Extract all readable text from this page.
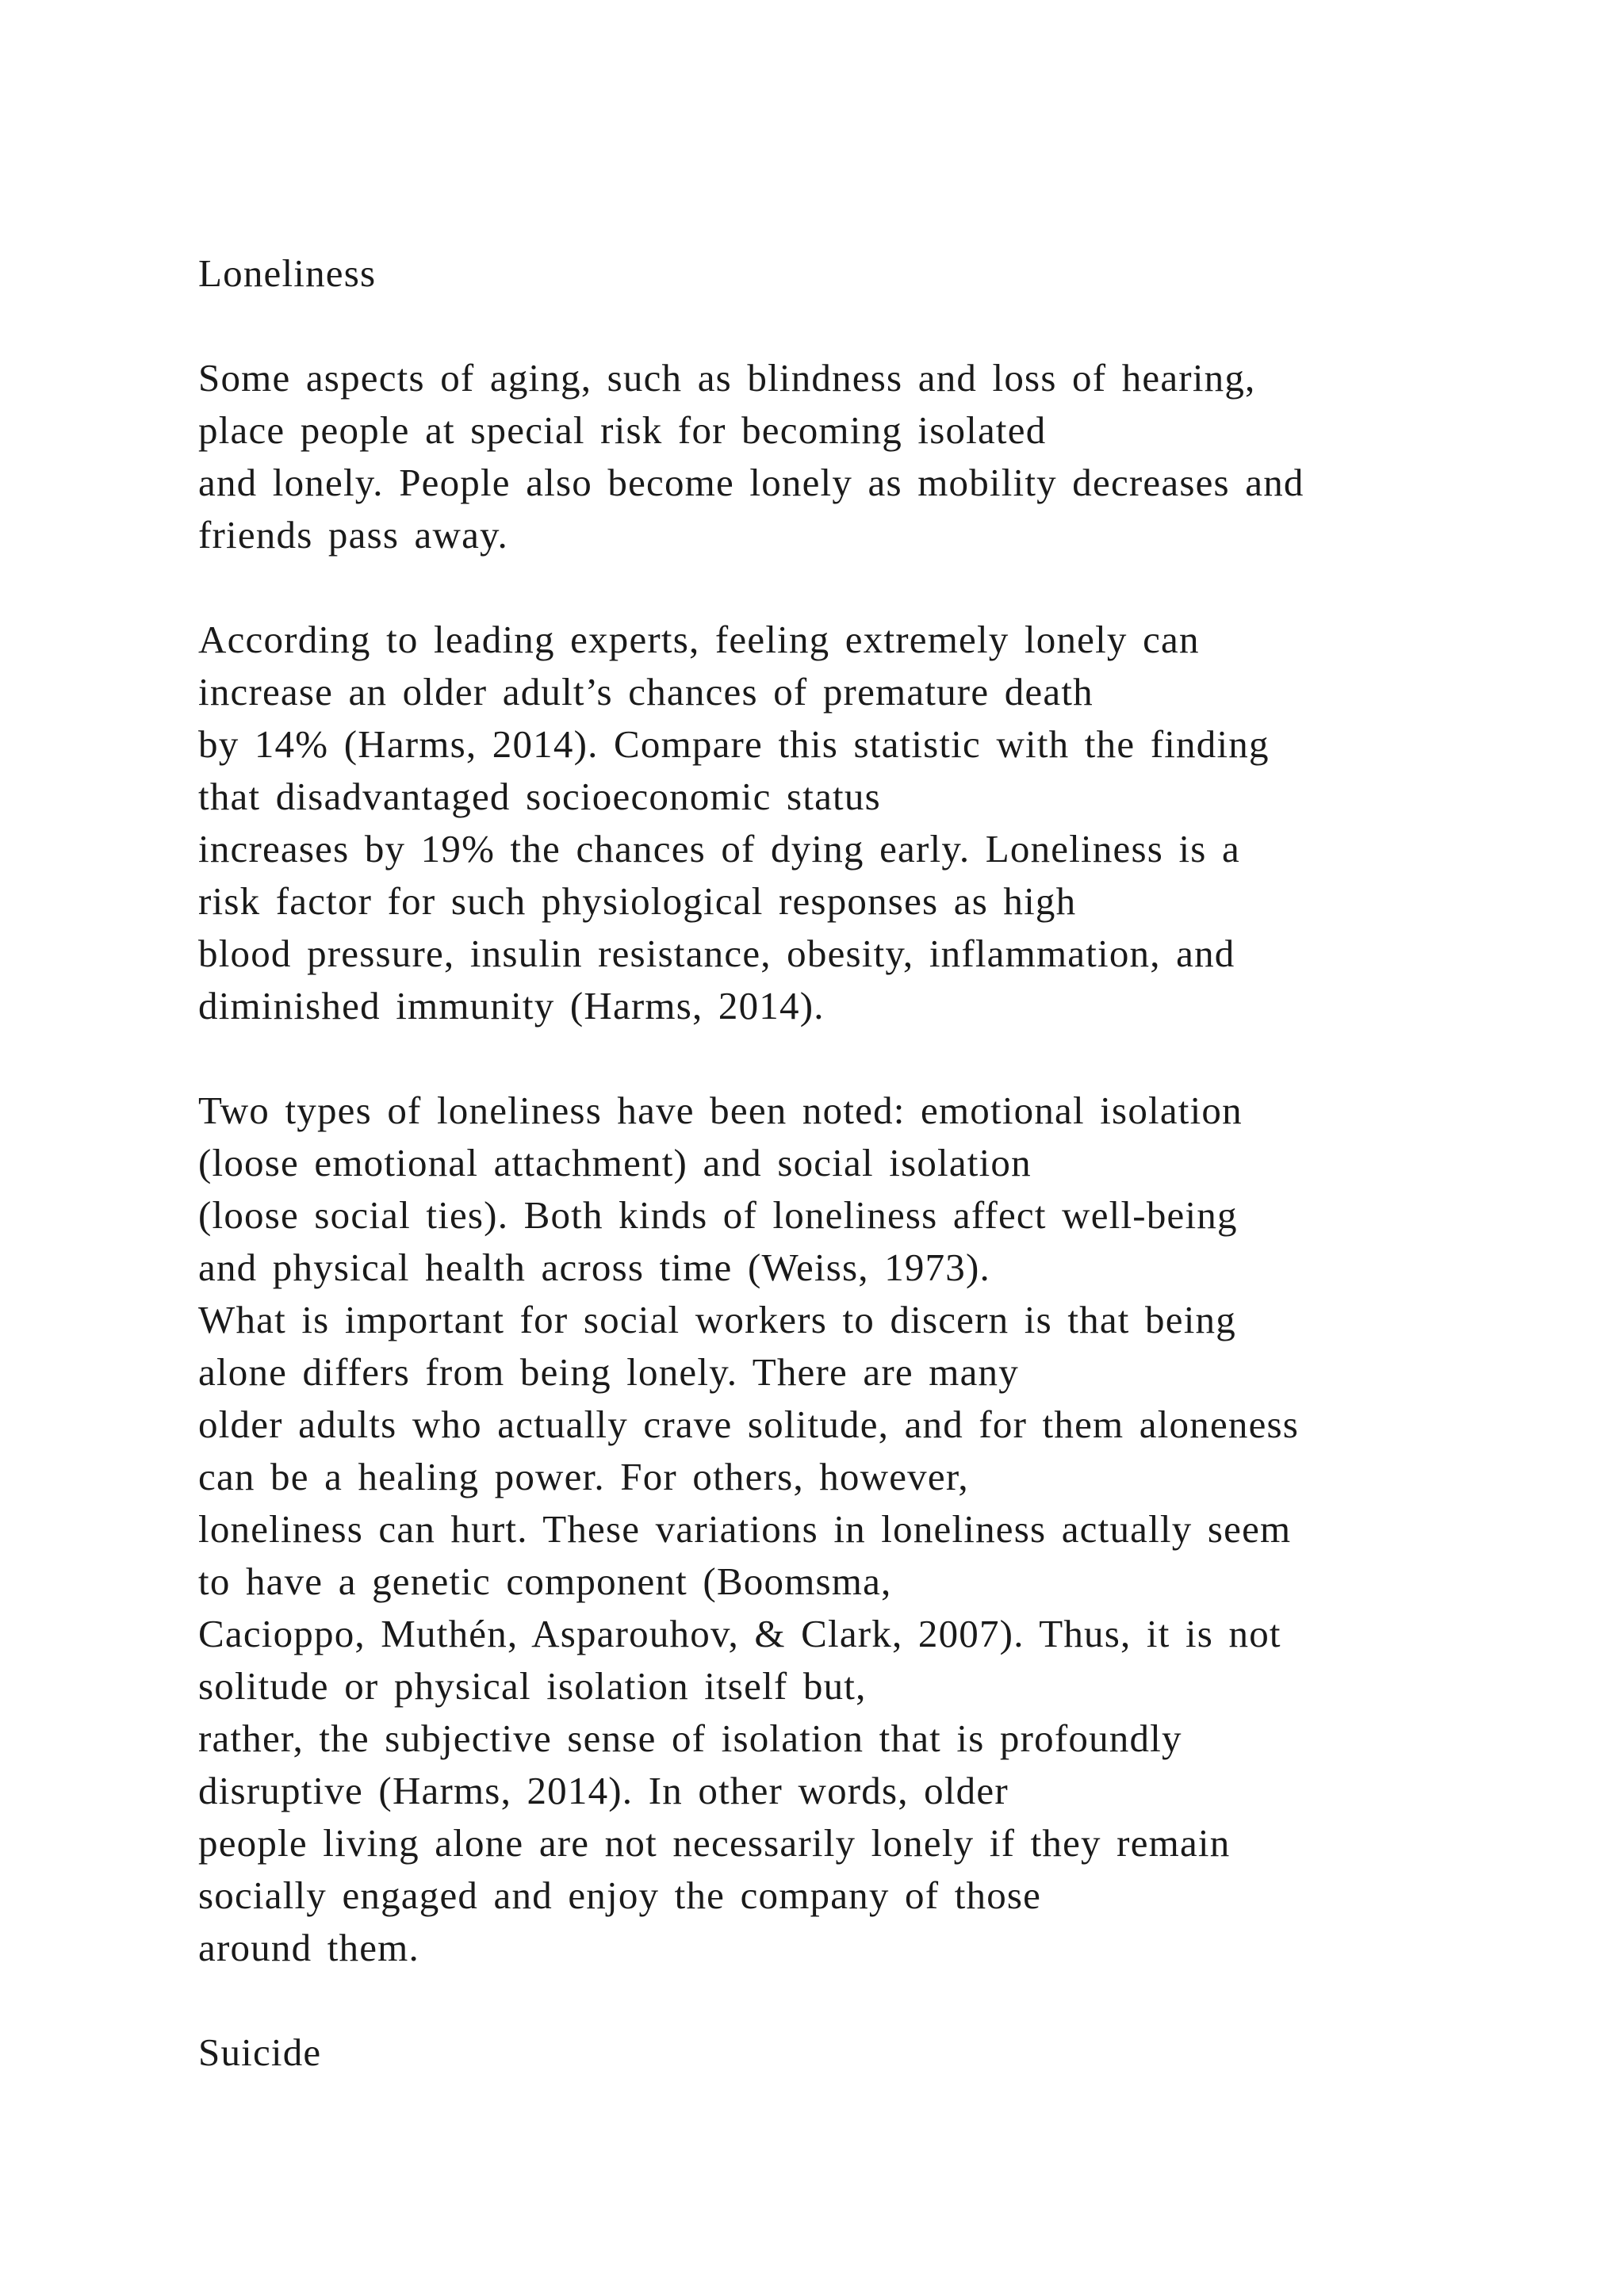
Loneliness

Some aspects of aging, such as blindness and loss of hearing,

place people at special risk for becoming isolated

and lonely. People also become lonely as mobility decreases and

friends pass away.

According to leading experts, feeling extremely lonely can

increase an older adult’s chances of premature death

by 14% (Harms, 2014). Compare this statistic with the finding

that disadvantaged socioeconomic status

increases by 19% the chances of dying early. Loneliness is a

risk factor for such physiological responses as high

blood pressure, insulin resistance, obesity, inflammation, and

diminished immunity (Harms, 2014).

Two types of loneliness have been noted: emotional isolation

(loose emotional attachment) and social isolation

(loose social ties). Both kinds of loneliness affect well-being

and physical health across time (Weiss, 1973).

What is important for social workers to discern is that being

alone differs from being lonely. There are many

older adults who actually crave solitude, and for them aloneness

can be a healing power. For others, however,

loneliness can hurt. These variations in loneliness actually seem

to have a genetic component (Boomsma,

Cacioppo, Muthén, Asparouhov, & Clark, 2007). Thus, it is not

solitude or physical isolation itself but,

rather, the subjective sense of isolation that is profoundly

disruptive (Harms, 2014). In other words, older

people living alone are not necessarily lonely if they remain

socially engaged and enjoy the company of those

around them.

Suicide
